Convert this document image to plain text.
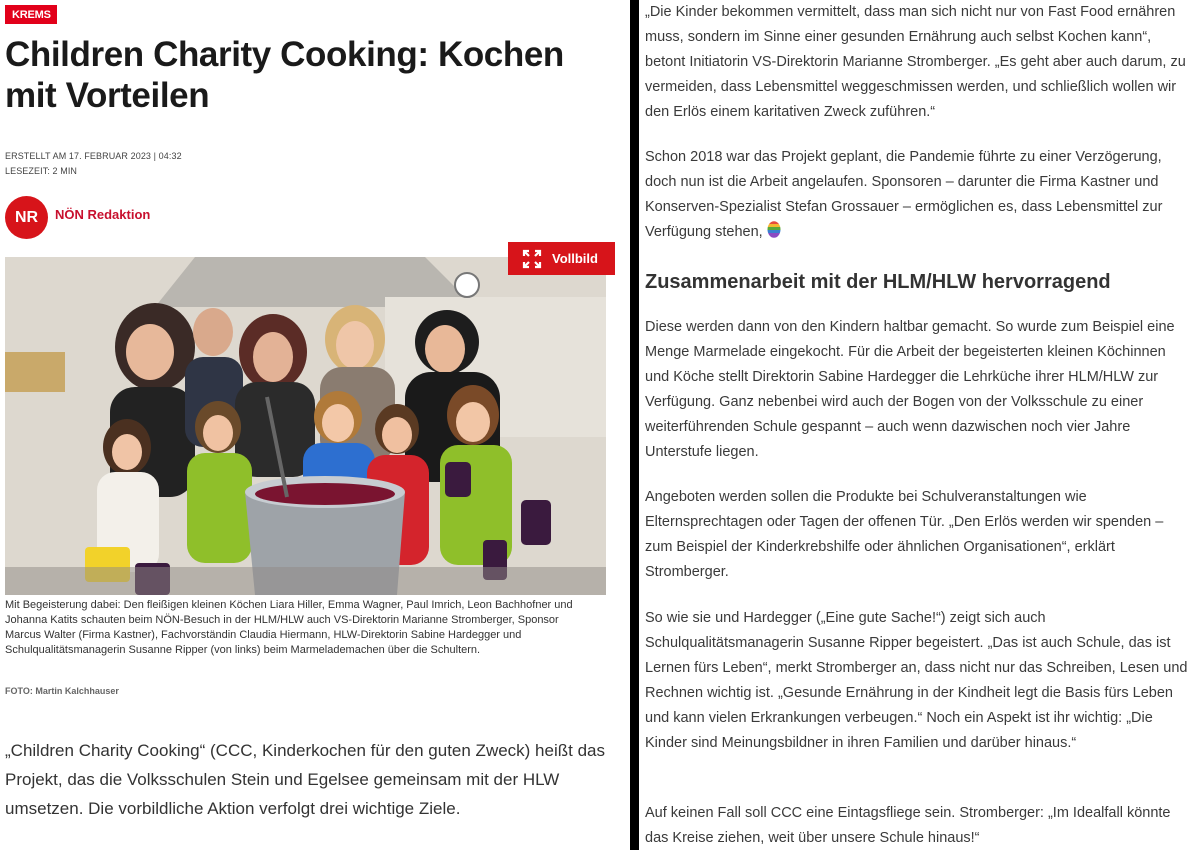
KREMS
Children Charity Cooking: Kochen mit Vorteilen
ERSTELLT AM 17. FEBRUAR 2023 | 04:32
LESEZEIT: 2 MIN
NR	NÖN Redaktion
Vollbild
Mit Begeisterung dabei: Den fleißigen kleinen Köchen Liara Hiller, Emma Wagner, Paul Imrich, Leon Bachhofner und Johanna Katits schauten beim NÖN-Besuch in der HLM/HLW auch VS-Direktorin Marianne Stromberger, Sponsor Marcus Walter (Firma Kastner), Fachvorständin Claudia Hiermann, HLW-Direktorin Sabine Hardegger und Schulqualitätsmanagerin Susanne Ripper (von links) beim Marmelademachen über die Schultern.
FOTO: Martin Kalchhauser

„Children Charity Cooking“ (CCC, Kinderkochen für den guten Zweck) heißt das Projekt, das die Volksschulen Stein und Egelsee gemeinsam mit der HLW umsetzen. Die vorbildliche Aktion verfolgt drei wichtige Ziele.

„Die Kinder bekommen vermittelt, dass man sich nicht nur von Fast Food ernähren muss, sondern im Sinne einer gesunden Ernährung auch selbst Kochen kann“, betont Initiatorin VS-Direktorin Marianne Stromberger. „Es geht aber auch darum, zu vermeiden, dass Lebensmittel weggeschmissen werden, und schließlich wollen wir den Erlös einem karitativen Zweck zuführen.“

Schon 2018 war das Projekt geplant, die Pandemie führte zu einer Verzögerung, doch nun ist die Arbeit angelaufen. Sponsoren – darunter die Firma Kastner und Konserven-Spezialist Stefan Grossauer – ermöglichen es, dass Lebensmittel zur Verfügung stehen,

Zusammenarbeit mit der HLM/HLW hervorragend

Diese werden dann von den Kindern haltbar gemacht. So wurde zum Beispiel eine Menge Marmelade eingekocht. Für die Arbeit der begeisterten kleinen Köchinnen und Köche stellt Direktorin Sabine Hardegger die Lehrküche ihrer HLM/HLW zur Verfügung. Ganz nebenbei wird auch der Bogen von der Volksschule zu einer weiterführenden Schule gespannt – auch wenn dazwischen noch vier Jahre Unterstufe liegen.

Angeboten werden sollen die Produkte bei Schulveranstaltungen wie Elternsprechtagen oder Tagen der offenen Tür. „Den Erlös werden wir spenden – zum Beispiel der Kinderkrebshilfe oder ähnlichen Organisationen“, erklärt Stromberger.

So wie sie und Hardegger („Eine gute Sache!“) zeigt sich auch Schulqualitätsmanagerin Susanne Ripper begeistert. „Das ist auch Schule, das ist Lernen fürs Leben“, merkt Stromberger an, dass nicht nur das Schreiben, Lesen und Rechnen wichtig ist. „Gesunde Ernährung in der Kindheit legt die Basis fürs Leben und kann vielen Erkrankungen verbeugen.“ Noch ein Aspekt ist ihr wichtig: „Die Kinder sind Meinungsbildner in ihren Familien und darüber hinaus.“

Auf keinen Fall soll CCC eine Eintagsfliege sein. Stromberger: „Im Idealfall könnte das Kreise ziehen, weit über unsere Schule hinaus!“
